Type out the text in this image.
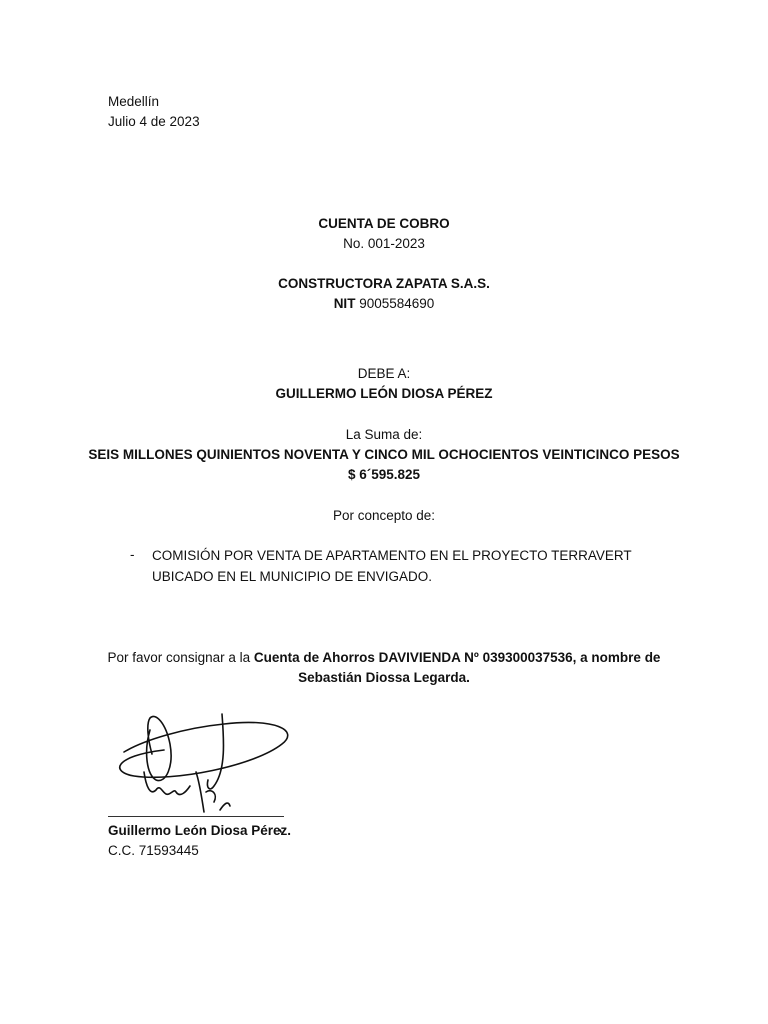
Medellín
Julio 4 de 2023
CUENTA DE COBRO
No. 001-2023
CONSTRUCTORA ZAPATA S.A.S.
NIT 9005584690
DEBE A:
GUILLERMO LEÓN DIOSA PÉREZ
La Suma de:
SEIS MILLONES QUINIENTOS NOVENTA Y CINCO MIL OCHOCIENTOS VEINTICINCO PESOS
$ 6´595.825
Por concepto de:
- COMISIÓN POR VENTA DE APARTAMENTO EN EL PROYECTO TERRAVERT UBICADO EN EL MUNICIPIO DE ENVIGADO.
Por favor consignar a la Cuenta de Ahorros DAVIVIENDA Nº 039300037536, a nombre de
Sebastián Diossa Legarda.
Guillermo León Diosa Pérez.
C.C. 71593445
